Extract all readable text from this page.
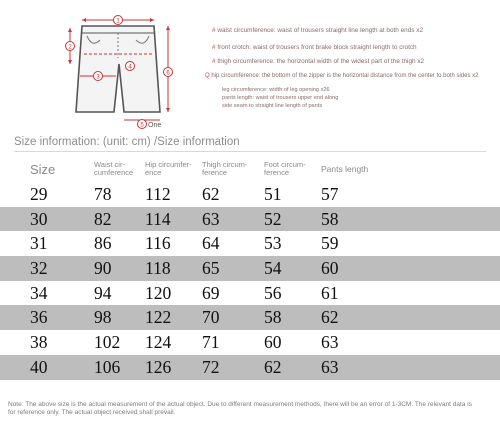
1
2
3
4
5
6
One
# waist circumference: waist of trousers straight line length at both ends x2
# front crotch: waist of trousers front brake block straight length to crotch
# thigh circumference: the horizontal width of the widest part of the thigh x2
Q hip circumference: the bottom of the zipper is the horizontal distance from the center to both sides x2
leg circumference: width of leg opening x26
pants length: waist of trousers upper end along
side seam to straight line length of pants
Size information: (unit: cm) /Size information
Size	Waist cir-cumference	Hip circumfer-ence	Thigh circum-ference	Foot circum-ference	Pants length	
29	78	112	62	51	57	
30	82	114	63	52	58	
31	86	116	64	53	59	
32	90	118	65	54	60	
34	94	120	69	56	61	
36	98	122	70	58	62	
38	102	124	71	60	63	
40	106	126	72	62	63	
Note: The above size is the actual measurement of the actual object. Due to different measurement methods, there will be an error of 1-3CM. The relevant data is for reference only. The actual object received shall prevail.
